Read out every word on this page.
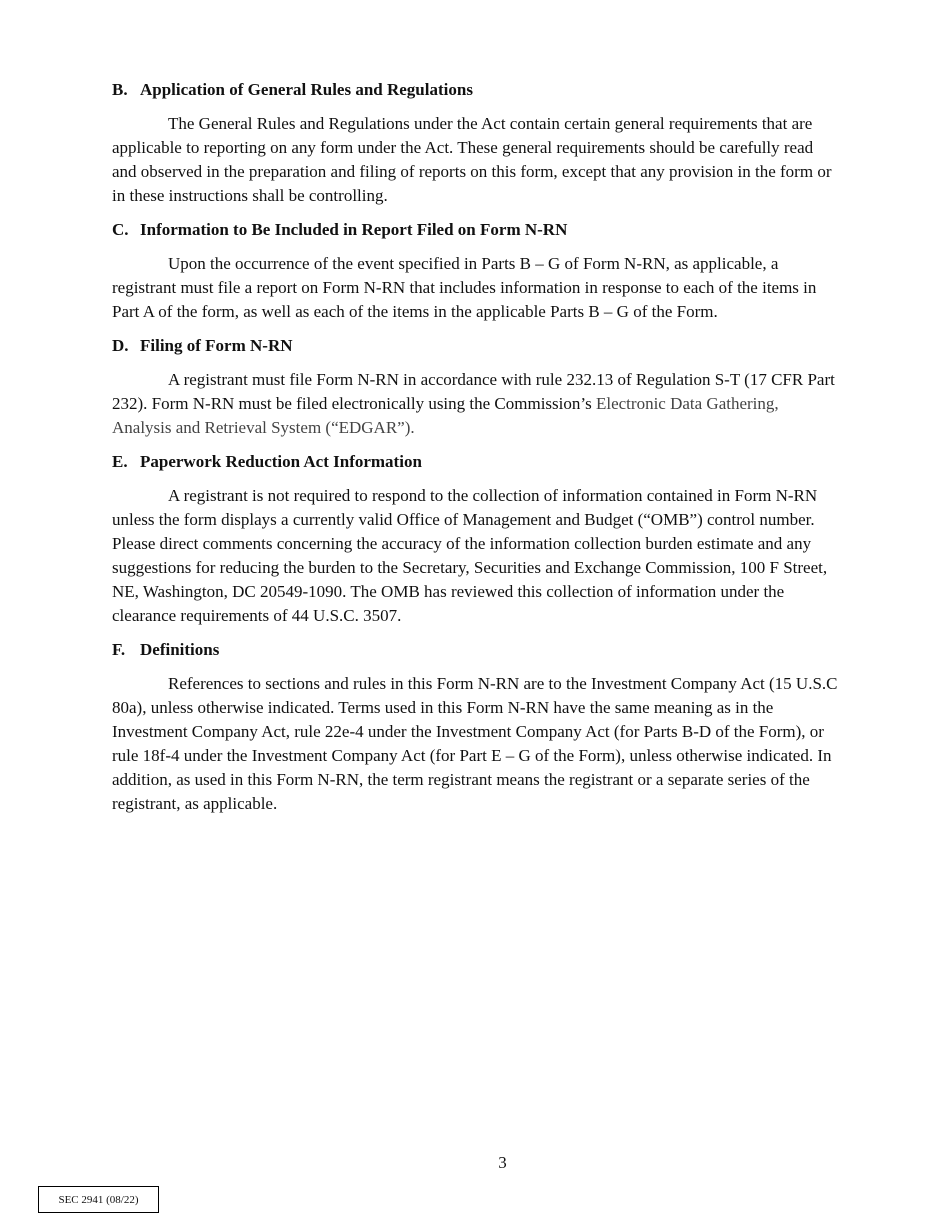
B. Application of General Rules and Regulations

The General Rules and Regulations under the Act contain certain general requirements that are applicable to reporting on any form under the Act. These general requirements should be carefully read and observed in the preparation and filing of reports on this form, except that any provision in the form or in these instructions shall be controlling.

C. Information to Be Included in Report Filed on Form N-RN

Upon the occurrence of the event specified in Parts B – G of Form N-RN, as applicable, a registrant must file a report on Form N-RN that includes information in response to each of the items in Part A of the form, as well as each of the items in the applicable Parts B – G of the Form.

D. Filing of Form N-RN

A registrant must file Form N-RN in accordance with rule 232.13 of Regulation S-T (17 CFR Part 232). Form N-RN must be filed electronically using the Commission’s Electronic Data Gathering, Analysis and Retrieval System (“EDGAR”).

E. Paperwork Reduction Act Information

A registrant is not required to respond to the collection of information contained in Form N-RN unless the form displays a currently valid Office of Management and Budget (“OMB”) control number. Please direct comments concerning the accuracy of the information collection burden estimate and any suggestions for reducing the burden to the Secretary, Securities and Exchange Commission, 100 F Street, NE, Washington, DC 20549-1090. The OMB has reviewed this collection of information under the clearance requirements of 44 U.S.C. 3507.

F. Definitions

References to sections and rules in this Form N-RN are to the Investment Company Act (15 U.S.C 80a), unless otherwise indicated. Terms used in this Form N-RN have the same meaning as in the Investment Company Act, rule 22e-4 under the Investment Company Act (for Parts B-D of the Form), or rule 18f-4 under the Investment Company Act (for Part E – G of the Form), unless otherwise indicated. In addition, as used in this Form N-RN, the term registrant means the registrant or a separate series of the registrant, as applicable.

3
SEC 2941 (08/22)
